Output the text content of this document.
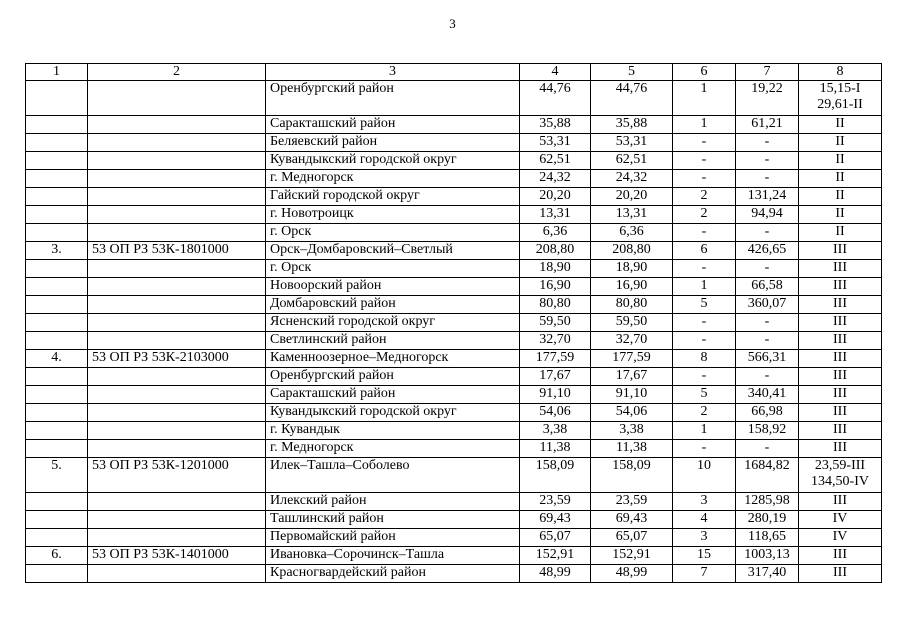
3
1	2	3	4	5	6	7	8
		Оренбургский район	44,76	44,76	1	19,22	15,15-I
29,61-II

		Саракташский район	35,88	35,88	1	61,21	II
		Беляевский район	53,31	53,31	-	-	II
		Кувандыкский городской округ	62,51	62,51	-	-	II
		г. Медногорск	24,32	24,32	-	-	II
		Гайский городской округ	20,20	20,20	2	131,24	II
		г. Новотроицк	13,31	13,31	2	94,94	II
		г. Орск	6,36	6,36	-	-	II
3.	53 ОП РЗ 53К-1801000	Орск–Домбаровский–Светлый	208,80	208,80	6	426,65	III
		г. Орск	18,90	18,90	-	-	III
		Новоорский район	16,90	16,90	1	66,58	III
		Домбаровский район	80,80	80,80	5	360,07	III
		Ясненский городской округ	59,50	59,50	-	-	III
		Светлинский район	32,70	32,70	-	-	III
4.	53 ОП РЗ 53К-2103000	Каменноозерное–Медногорск	177,59	177,59	8	566,31	III
		Оренбургский район	17,67	17,67	-	-	III
		Саракташский район	91,10	91,10	5	340,41	III
		Кувандыкский городской округ	54,06	54,06	2	66,98	III
		г. Кувандык	3,38	3,38	1	158,92	III
		г. Медногорск	11,38	11,38	-	-	III
5.	53 ОП РЗ 53К-1201000	Илек–Ташла–Соболево	158,09	158,09	10	1684,82	23,59-III
134,50-IV

		Илекский район	23,59	23,59	3	1285,98	III
		Ташлинский район	69,43	69,43	4	280,19	IV
		Первомайский район	65,07	65,07	3	118,65	IV
6.	53 ОП РЗ 53К-1401000	Ивановка–Сорочинск–Ташла	152,91	152,91	15	1003,13	III
		Красногвардейский район	48,99	48,99	7	317,40	III
